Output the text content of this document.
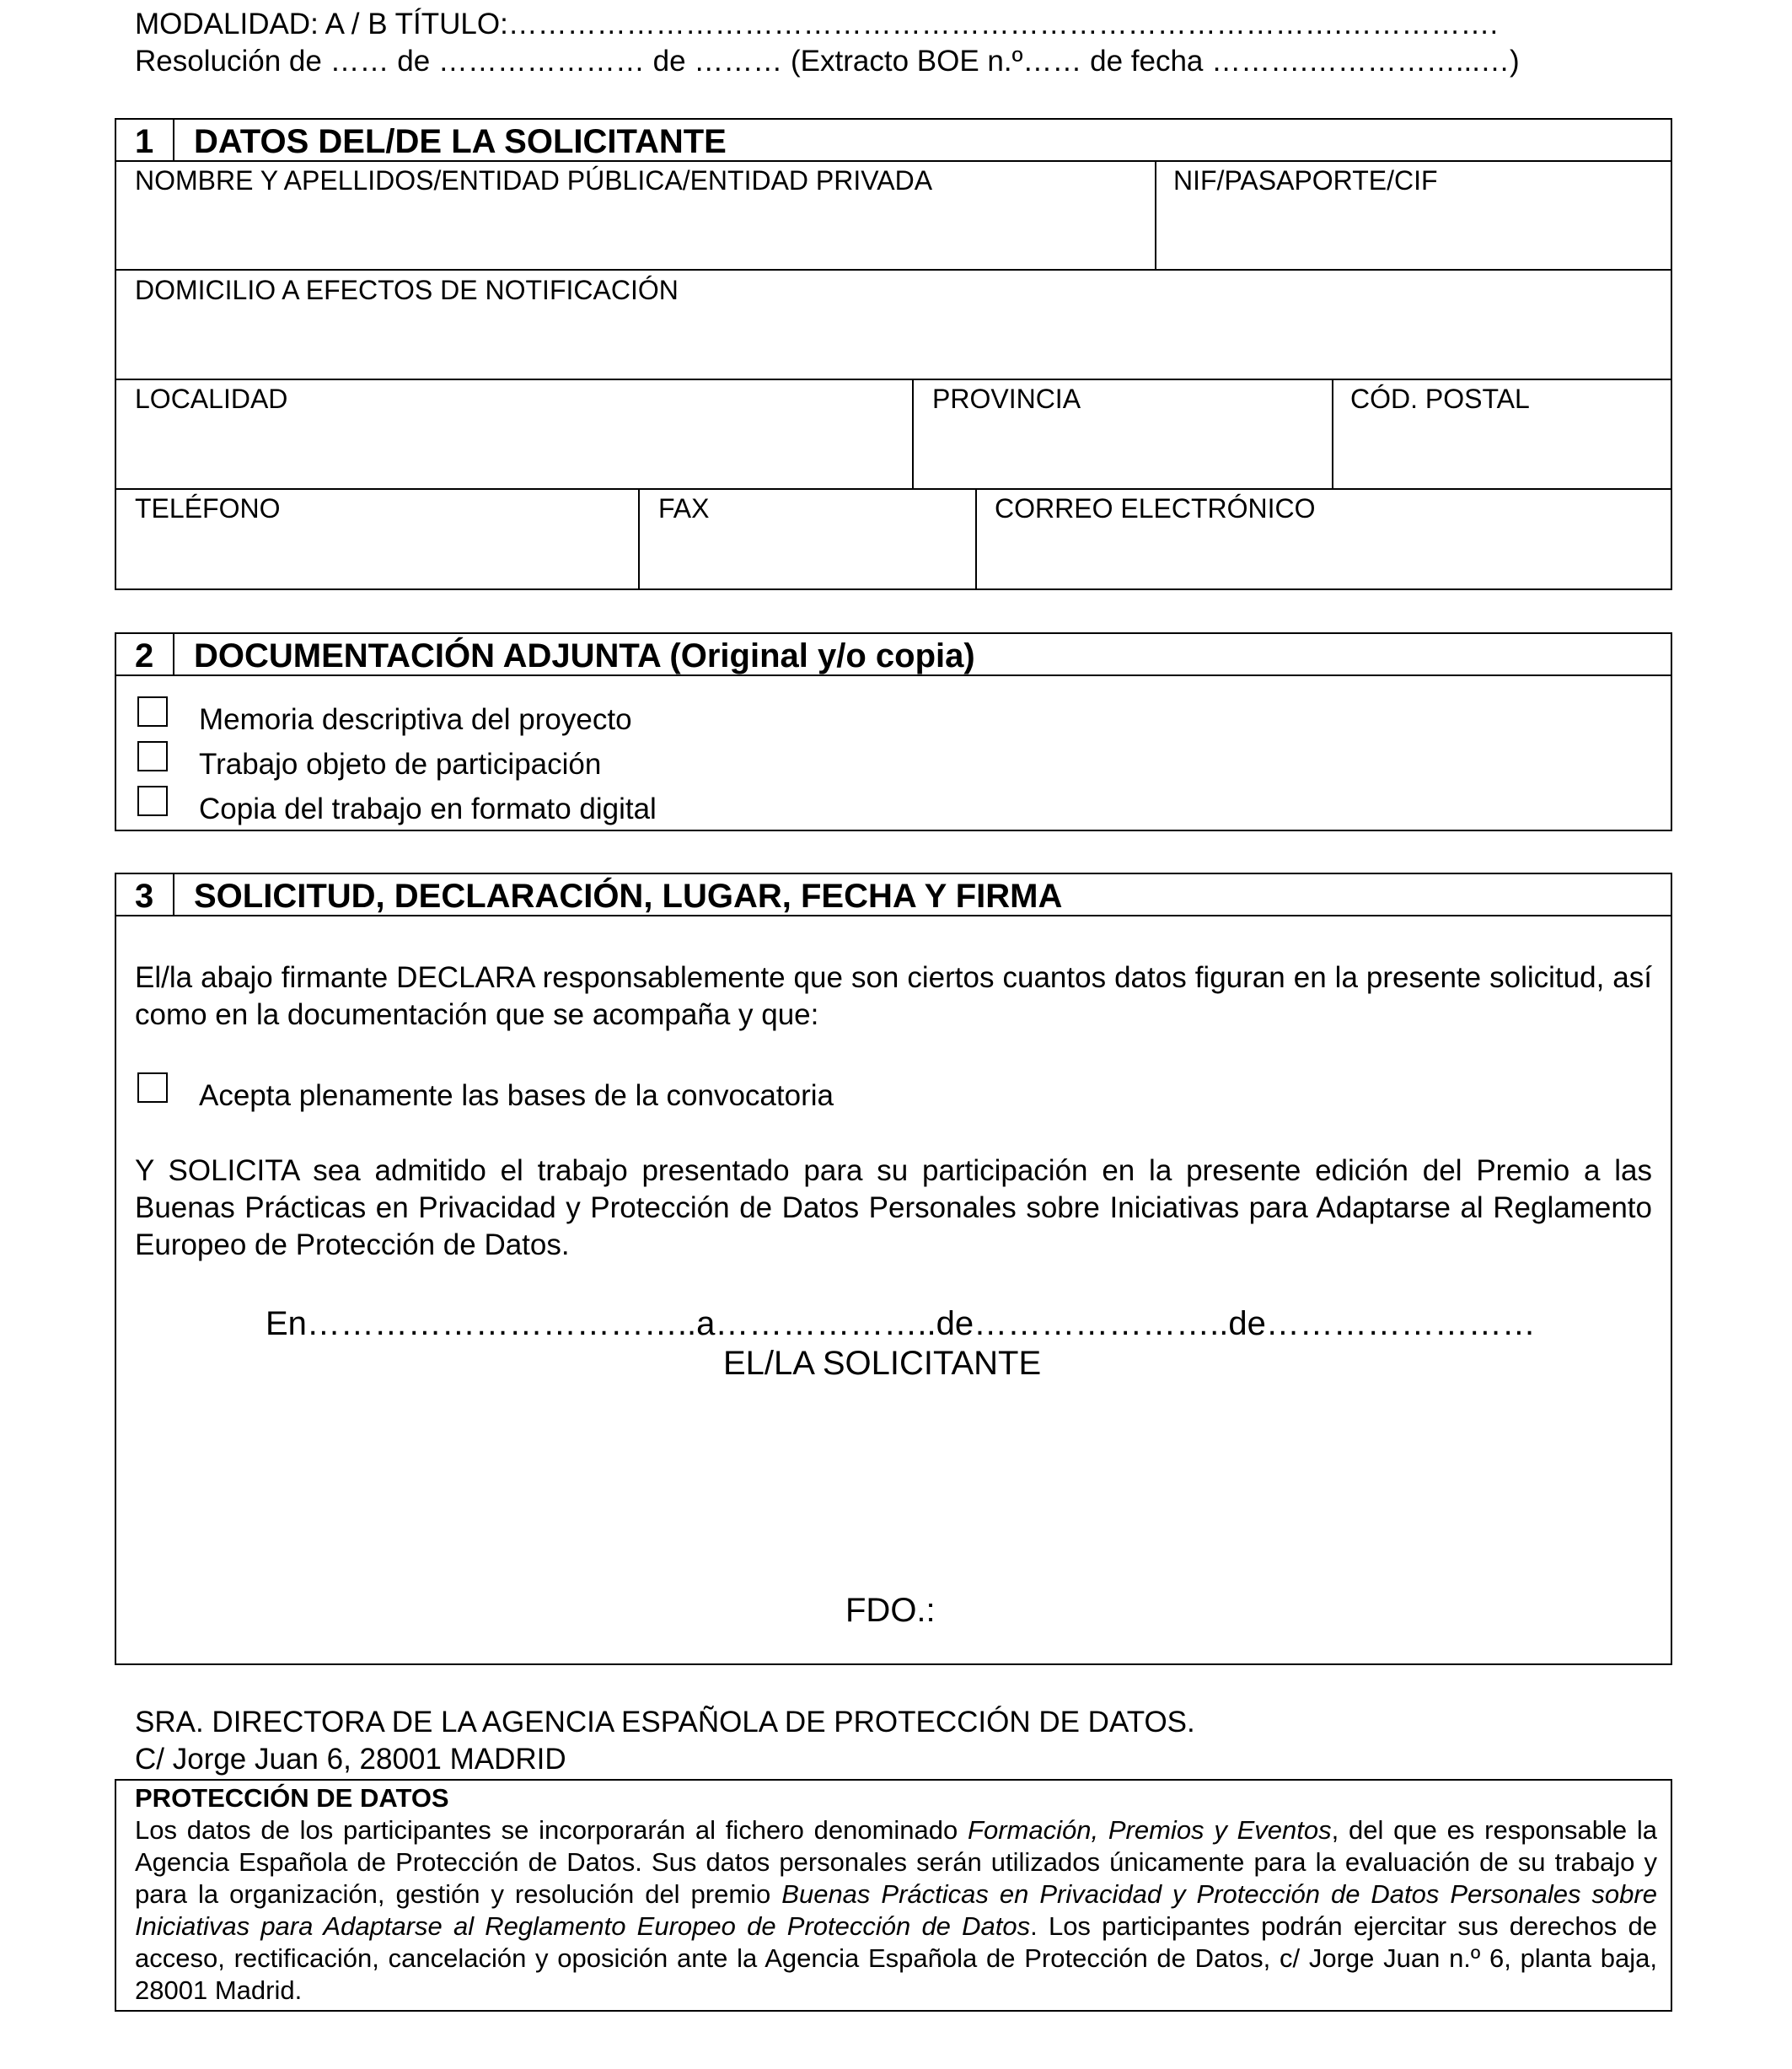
MODALIDAD: A / B TÍTULO:………………………………………………………………………….…………….
Resolución de …… de ………………… de ……… (Extracto BOE n.º…… de fecha ……….……………...…)
1 DATOS DEL/DE LA SOLICITANTE
NOMBRE Y APELLIDOS/ENTIDAD PÚBLICA/ENTIDAD PRIVADA	NIF/PASAPORTE/CIF
DOMICILIO A EFECTOS DE NOTIFICACIÓN
LOCALIDAD	PROVINCIA	CÓD. POSTAL
TELÉFONO	FAX	CORREO ELECTRÓNICO
2 DOCUMENTACIÓN ADJUNTA (Original y/o copia)
Memoria descriptiva del proyecto
Trabajo objeto de participación
Copia del trabajo en formato digital
3 SOLICITUD, DECLARACIÓN, LUGAR, FECHA Y FIRMA
El/la abajo firmante DECLARA responsablemente que son ciertos cuantos datos figuran en la presente solicitud, así como en la documentación que se acompaña y que:
Acepta plenamente las bases de la convocatoria
Y SOLICITA sea admitido el trabajo presentado para su participación en la presente edición del Premio a las Buenas Prácticas en Privacidad y Protección de Datos Personales sobre Iniciativas para Adaptarse al Reglamento Europeo de Protección de Datos.
En……………………………..a………………..de…………………..de……………………
EL/LA SOLICITANTE
FDO.:
SRA. DIRECTORA DE LA AGENCIA ESPAÑOLA DE PROTECCIÓN DE DATOS.
C/ Jorge Juan 6, 28001 MADRID
PROTECCIÓN DE DATOS
Los datos de los participantes se incorporarán al fichero denominado Formación, Premios y Eventos, del que es responsable la Agencia Española de Protección de Datos. Sus datos personales serán utilizados únicamente para la evaluación de su trabajo y para la organización, gestión y resolución del premio Buenas Prácticas en Privacidad y Protección de Datos Personales sobre Iniciativas para Adaptarse al Reglamento Europeo de Protección de Datos. Los participantes podrán ejercitar sus derechos de acceso, rectificación, cancelación y oposición ante la Agencia Española de Protección de Datos, c/ Jorge Juan n.º 6, planta baja, 28001 Madrid.
